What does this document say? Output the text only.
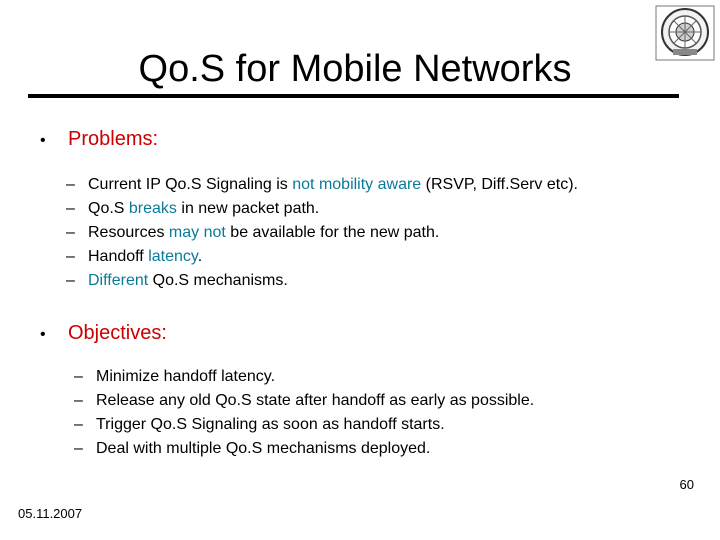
Qo.S for Mobile Networks
•	Problems:
– Current IP Qo.S Signaling is not mobility aware (RSVP, Diff.Serv etc).
– Qo.S breaks in new packet path.
– Resources may not be available for the new path.
– Handoff latency.
– Different Qo.S mechanisms.
•	Objectives:
– Minimize handoff latency.
– Release any old Qo.S state after handoff as early as possible.
– Trigger Qo.S Signaling as soon as handoff starts.
– Deal with multiple Qo.S mechanisms deployed.
05.11.2007
60
